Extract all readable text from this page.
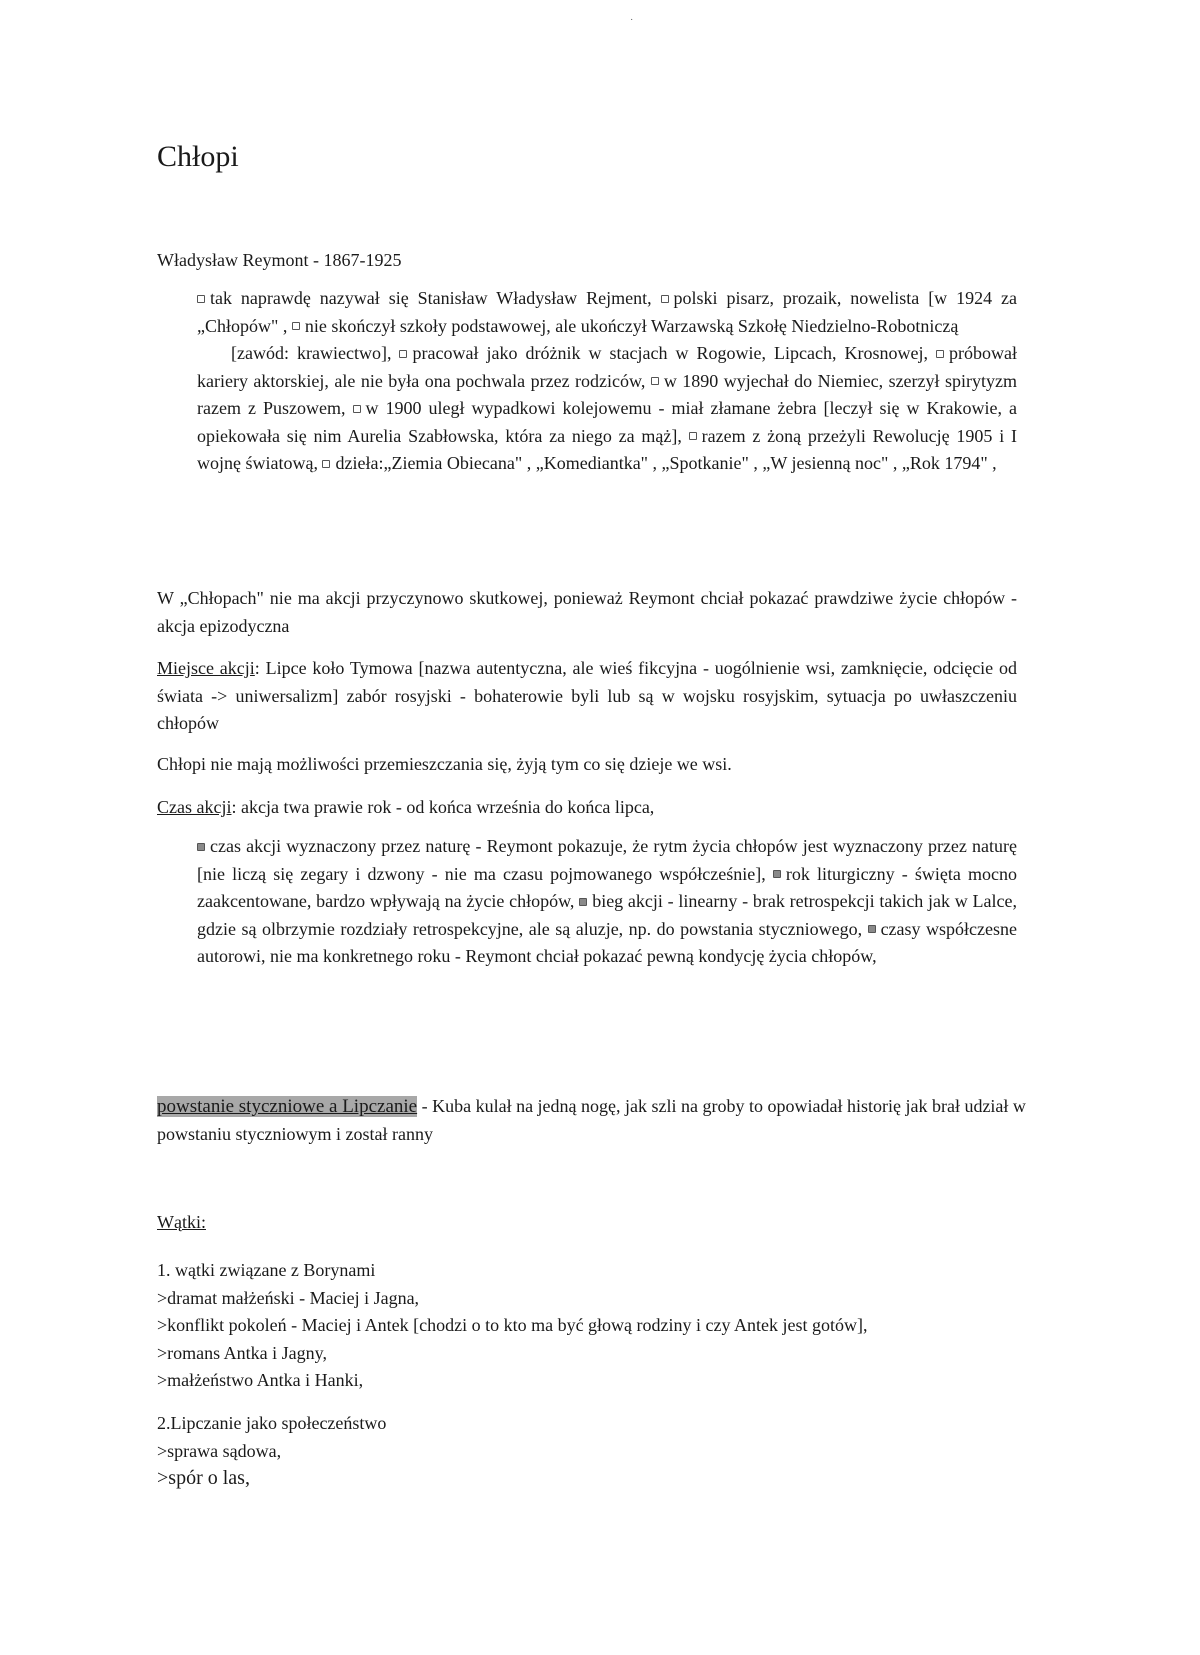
˙
Chłopi
Władysław Reymont - 1867-1925
tak naprawdę nazywał się Stanisław Władysław Rejment, polski pisarz, prozaik, nowelista [w 1924 za „Chłopów" , nie skończył szkoły podstawowej, ale ukończył Warzawską Szkołę Niedzielno-Robotniczą
[zawód: krawiectwo], pracował jako dróżnik w stacjach w Rogowie, Lipcach, Krosnowej, próbował kariery aktorskiej, ale nie była ona pochwala przez rodziców, w 1890 wyjechał do Niemiec, szerzył spirytyzm razem z Puszowem, w 1900 uległ wypadkowi kolejowemu - miał złamane żebra [leczył się w Krakowie, a opiekowała się nim Aurelia Szabłowska, która za niego za mąż], razem z żoną przeżyli Rewolucję 1905 i I wojnę światową, dzieła:„Ziemia Obiecana" , „Komediantka" , „Spotkanie" , „W jesienną noc" , „Rok 1794" ,

W „Chłopach" nie ma akcji przyczynowo skutkowej, ponieważ Reymont chciał pokazać prawdziwe życie chłopów - akcja epizodyczna

Miejsce akcji: Lipce koło Tymowa [nazwa autentyczna, ale wieś fikcyjna - uogólnienie wsi, zamknięcie, odcięcie od świata -> uniwersalizm] zabór rosyjski - bohaterowie byli lub są w wojsku rosyjskim, sytuacja po uwłaszczeniu chłopów

Chłopi nie mają możliwości przemieszczania się, żyją tym co się dzieje we wsi.

Czas akcji: akcja twa prawie rok - od końca września do końca lipca,

czas akcji wyznaczony przez naturę - Reymont pokazuje, że rytm życia chłopów jest wyznaczony przez naturę [nie liczą się zegary i dzwony - nie ma czasu pojmowanego współcześnie], rok liturgiczny - święta mocno zaakcentowane, bardzo wpływają na życie chłopów, bieg akcji - linearny - brak retrospekcji takich jak w Lalce, gdzie są olbrzymie rozdziały retrospekcyjne, ale są aluzje, np. do powstania styczniowego, czasy współczesne autorowi, nie ma konkretnego roku - Reymont chciał pokazać pewną kondycję życia chłopów,

powstanie styczniowe a Lipczanie - Kuba kulał na jedną nogę, jak szli na groby to opowiadał historię jak brał udział w powstaniu styczniowym i został ranny

Wątki:

1. wątki związane z Borynami
>dramat małżeński - Maciej i Jagna,
>konflikt pokoleń - Maciej i Antek [chodzi o to kto ma być głową rodziny i czy Antek jest gotów],
>romans Antka i Jagny,
>małżeństwo Antka i Hanki,
2.Lipczanie jako społeczeństwo
>sprawa sądowa,
>spór o las,
